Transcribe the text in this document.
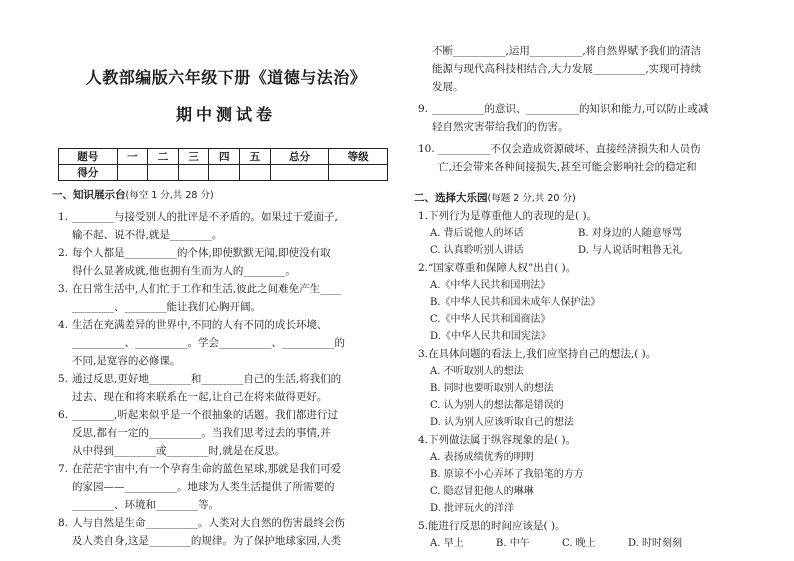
人教部编版六年级下册《道德与法治》
期中测试卷
题号	一	二	三	四	五	总分	等级
得分							
一、知识展示台(每空 1 分,共 28 分)
1. ________与接受别人的批评是不矛盾的。如果过于爱面子,
输不起、说不得,就是________。
2. 每个人都是__________的个体,即使默默无闻,即使没有取
得什么显著成就,他也拥有生而为人的________。
3. 在日常生活中,人们忙于工作和生活,彼此之间难免产生____
________、________能让我们心胸开阔。
4. 生活在充满差异的世界中,不同的人有不同的成长环境、
__________、__________。学会__________、__________的
不同,是宽容的必修课。
5. 通过反思,更好地________和________自己的生活,将我们的
过去、现在和将来联系在一起,让自己在将来做得更好。
6. ________,听起来似乎是一个很抽象的话题。我们都进行过
反思,都有一定的__________。当我们思考过去的事情,并
从中得到________或________时,就是在反思。
7. 在茫茫宇宙中,有一个孕育生命的蓝色星球,那就是我们可爱
的家园——__________。地球为人类生活提供了所需要的
________、环境和________等。
8. 人与自然是生命__________。人类对大自然的伤害最终会伤
及人类自身,这是________的规律。为了保护地球家园,人类
不断__________,运用__________,将自然界赋予我们的清洁
能源与现代高科技相结合,大力发展__________,实现可持续
发展。
9. __________的意识、__________的知识和能力,可以防止或减
轻自然灾害带给我们的伤害。
10. __________不仅会造成资源破坏、直接经济损失和人员伤
亡,还会带来各种间接损失,甚至可能会影响社会的稳定和
二、选择大乐园(每题 2 分,共 20 分)
1.下列行为是尊重他人的表现的是( )。
A. 背后说他人的坏话	B. 对身边的人随意辱骂
C. 认真聆听别人讲话	D. 与人说话时粗鲁无礼
2.“国家尊重和保障人权”出自( )。
A.《中华人民共和国刑法》
B.《中华人民共和国未成年人保护法》
C.《中华人民共和国商法》
D.《中华人民共和国宪法》
3.在具体问题的看法上,我们应坚持自己的想法,( )。
A. 不听取别人的想法
B. 同时也要听取别人的想法
C. 认为别人的想法都是错误的
D. 认为别人应该听取自己的想法
4.下列做法属于纵容现象的是( )。
A. 表扬成绩优秀的明明
B. 原谅不小心弄坏了我铅笔的方方
C. 隐忍冒犯他人的琳琳
D. 批评玩火的洋洋
5.能进行反思的时间应该是( )。
A. 早上	B. 中午	C. 晚上	D. 时时刻刻
